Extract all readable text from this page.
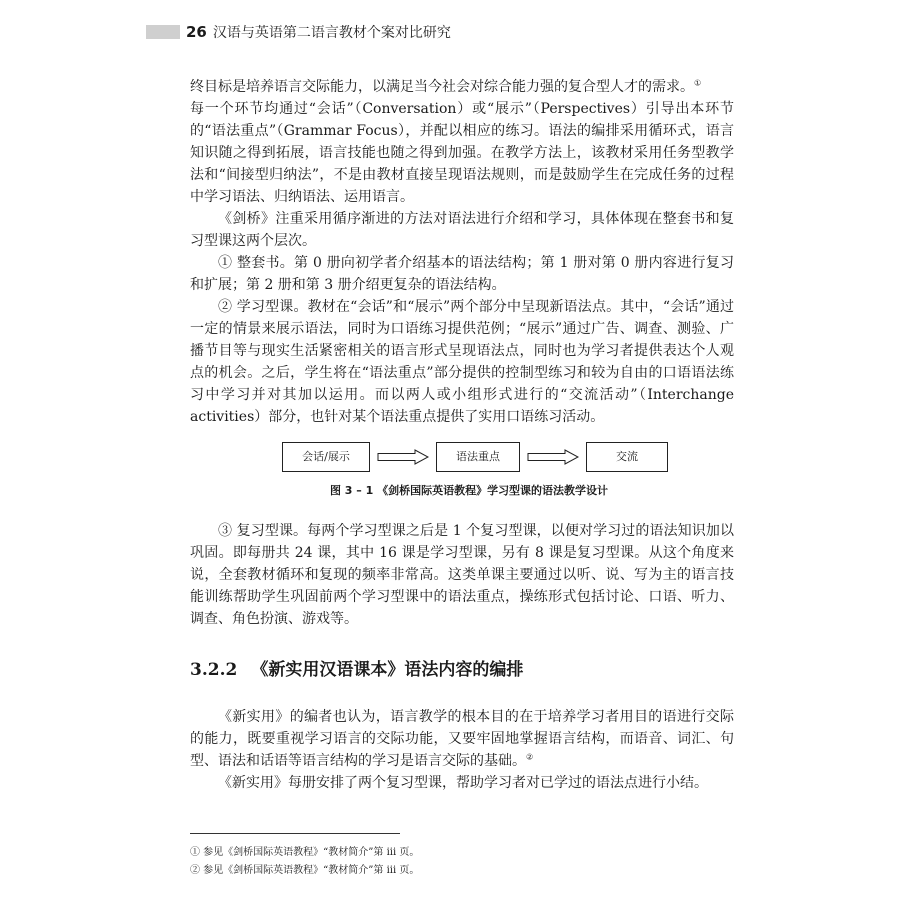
26 汉语与英语第二语言教材个案对比研究

终目标是培养语言交际能力，以满足当今社会对综合能力强的复合型人才的需求。①

每一个环节均通过“会话”（Conversation）或“展示”（Perspectives）引导出本环节的“语法重点”（Grammar Focus），并配以相应的练习。语法的编排采用循环式，语言知识随之得到拓展，语言技能也随之得到加强。在教学方法上，该教材采用任务型教学法和“间接型归纳法”，不是由教材直接呈现语法规则，而是鼓励学生在完成任务的过程中学习语法、归纳语法、运用语言。

《剑桥》注重采用循序渐进的方法对语法进行介绍和学习，具体体现在整套书和复习型课这两个层次。

① 整套书。第 0 册向初学者介绍基本的语法结构；第 1 册对第 0 册内容进行复习和扩展；第 2 册和第 3 册介绍更复杂的语法结构。

② 学习型课。教材在“会话”和“展示”两个部分中呈现新语法点。其中，“会话”通过一定的情景来展示语法，同时为口语练习提供范例；“展示”通过广告、调查、测验、广播节目等与现实生活紧密相关的语言形式呈现语法点，同时也为学习者提供表达个人观点的机会。之后，学生将在“语法重点”部分提供的控制型练习和较为自由的口语语法练习中学习并对其加以运用。而以两人或小组形式进行的“交流活动”（Interchange activities）部分，也针对某个语法重点提供了实用口语练习活动。

会话/展示	语法重点	交流
图 3 – 1 《剑桥国际英语教程》学习型课的语法教学设计

③ 复习型课。每两个学习型课之后是 1 个复习型课，以便对学习过的语法知识加以巩固。即每册共 24 课，其中 16 课是学习型课，另有 8 课是复习型课。从这个角度来说，全套教材循环和复现的频率非常高。这类单课主要通过以听、说、写为主的语言技能训练帮助学生巩固前两个学习型课中的语法重点，操练形式包括讨论、口语、听力、调查、角色扮演、游戏等。

3.2.2 《新实用汉语课本》语法内容的编排

《新实用》的编者也认为，语言教学的根本目的在于培养学习者用目的语进行交际的能力，既要重视学习语言的交际功能，又要牢固地掌握语言结构，而语音、词汇、句型、语法和话语等语言结构的学习是语言交际的基础。②

《新实用》每册安排了两个复习型课，帮助学习者对已学过的语法点进行小结。

① 参见《剑桥国际英语教程》“教材简介”第 iii 页。
② 参见《剑桥国际英语教程》“教材简介”第 iii 页。
